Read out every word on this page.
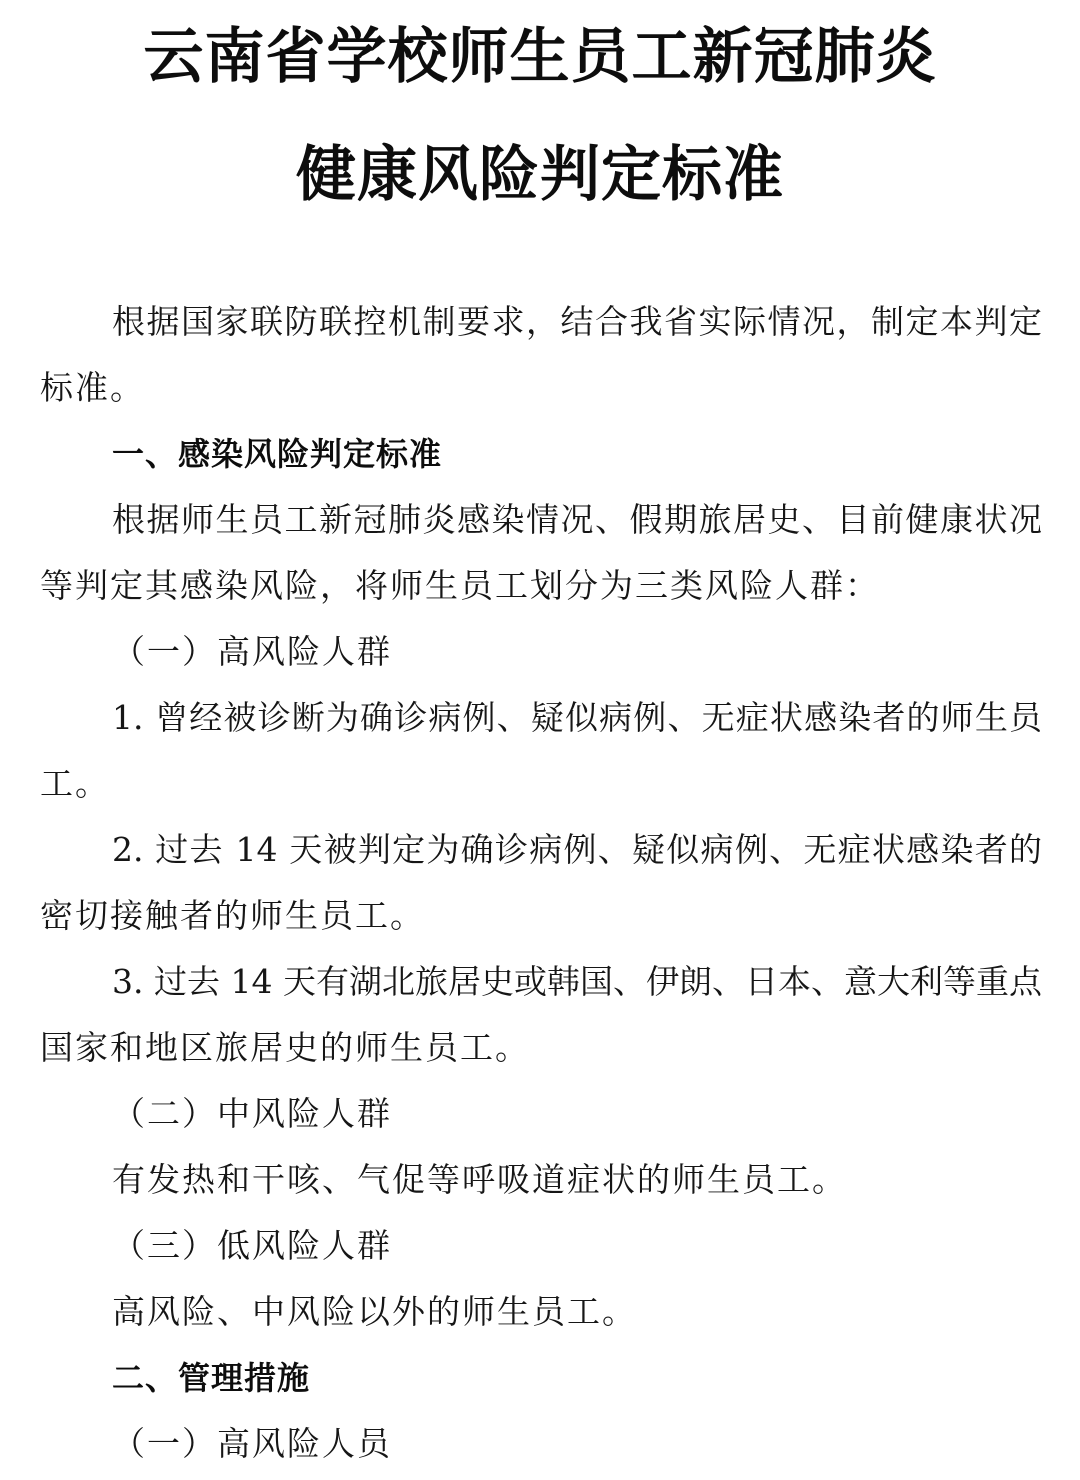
云南省学校师生员工新冠肺炎
健康风险判定标准
根据国家联防联控机制要求，结合我省实际情况，制定本判定
标准。
一、感染风险判定标准
根据师生员工新冠肺炎感染情况、假期旅居史、目前健康状况
等判定其感染风险，将师生员工划分为三类风险人群：
（一）高风险人群
1. 曾经被诊断为确诊病例、疑似病例、无症状感染者的师生员
工。
2. 过去 14 天被判定为确诊病例、疑似病例、无症状感染者的
密切接触者的师生员工。
3. 过去 14 天有湖北旅居史或韩国、伊朗、日本、意大利等重点
国家和地区旅居史的师生员工。
（二）中风险人群
有发热和干咳、气促等呼吸道症状的师生员工。
（三）低风险人群
高风险、中风险以外的师生员工。
二、管理措施
（一）高风险人员
